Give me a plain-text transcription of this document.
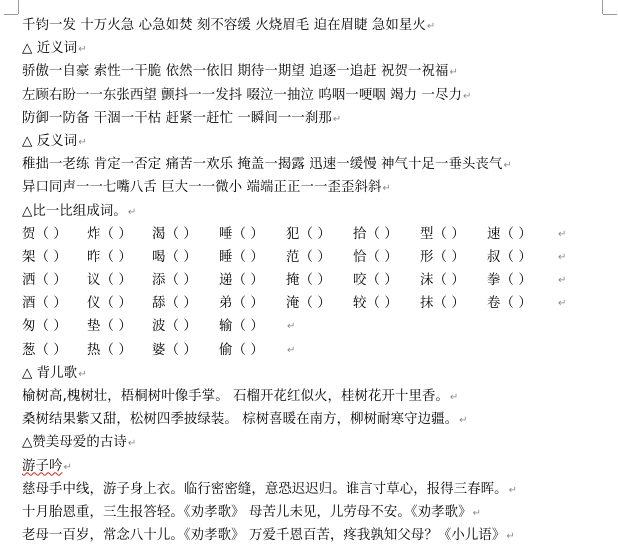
千钧一发 十万火急 心急如焚 刻不容缓 火烧眉毛 迫在眉睫 急如星火↵
△ 近义词↵
骄傲一自豪 索性一干脆 依然一依旧 期待一期望 追逐一追赶 祝贺一祝福↵
左顾右盼一一东张西望 颤抖一一发抖 啜泣一抽泣 呜咽一哽咽 竭力 一尽力↵
防御一防备 干涸一干枯 赶紧一赶忙 一瞬间一一刹那↵
△ 反义词↵
稚拙一老练 肯定一否定 痛苦一欢乐 掩盖一揭露 迅速一缓慢 神气十足一垂头丧气↵
异口同声一一七嘴八舌 巨大一一微小 端端正正一一歪歪斜斜↵
△比一比组成词。↵
贺（ ）	炸（ ）	渴（ ）	唾（ ）	犯（ ）	拾（ ）	型（ ）	速（ ）	↵
架（ ）	昨（ ）	喝（ ）	睡（ ）	范（ ）	恰（ ）	形（ ）	叔（ ）	↵
洒（ ）	议（ ）	添（ ）	递（ ）	掩（ ）	咬（ ）	沫（ ）	拳（ ）	↵
酒（ ）	仪（ ）	舔（ ）	弟（ ）	淹（ ）	较（ ）	抹（ ）	卷（ ）	↵
匆（ ）	垫（ ）	波（ ）	输（ ）	↵
葱（ ）	热（ ）	婆（ ）	偷（ ）	↵
△ 背儿歌↵
榆树高,槐树壮，梧桐树叶像手掌。 石榴开花红似火，桂树花开十里香。↵
桑树结果紫又甜，松树四季披绿装。 棕树喜暖在南方，柳树耐寒守边疆。↵
△赞美母爱的古诗↵
游子吟↵
慈母手中线，游子身上衣。临行密密缝，意恐迟迟归。谁言寸草心，报得三春晖。↵
十月胎恩重，三生报答轻。《劝孝歌》 母苦儿未见，儿劳母不安。《劝孝歌》↵
老母一百岁，常念八十儿。《劝孝歌》 万爱千恩百苦，疼我孰知父母？《小儿语》↵
